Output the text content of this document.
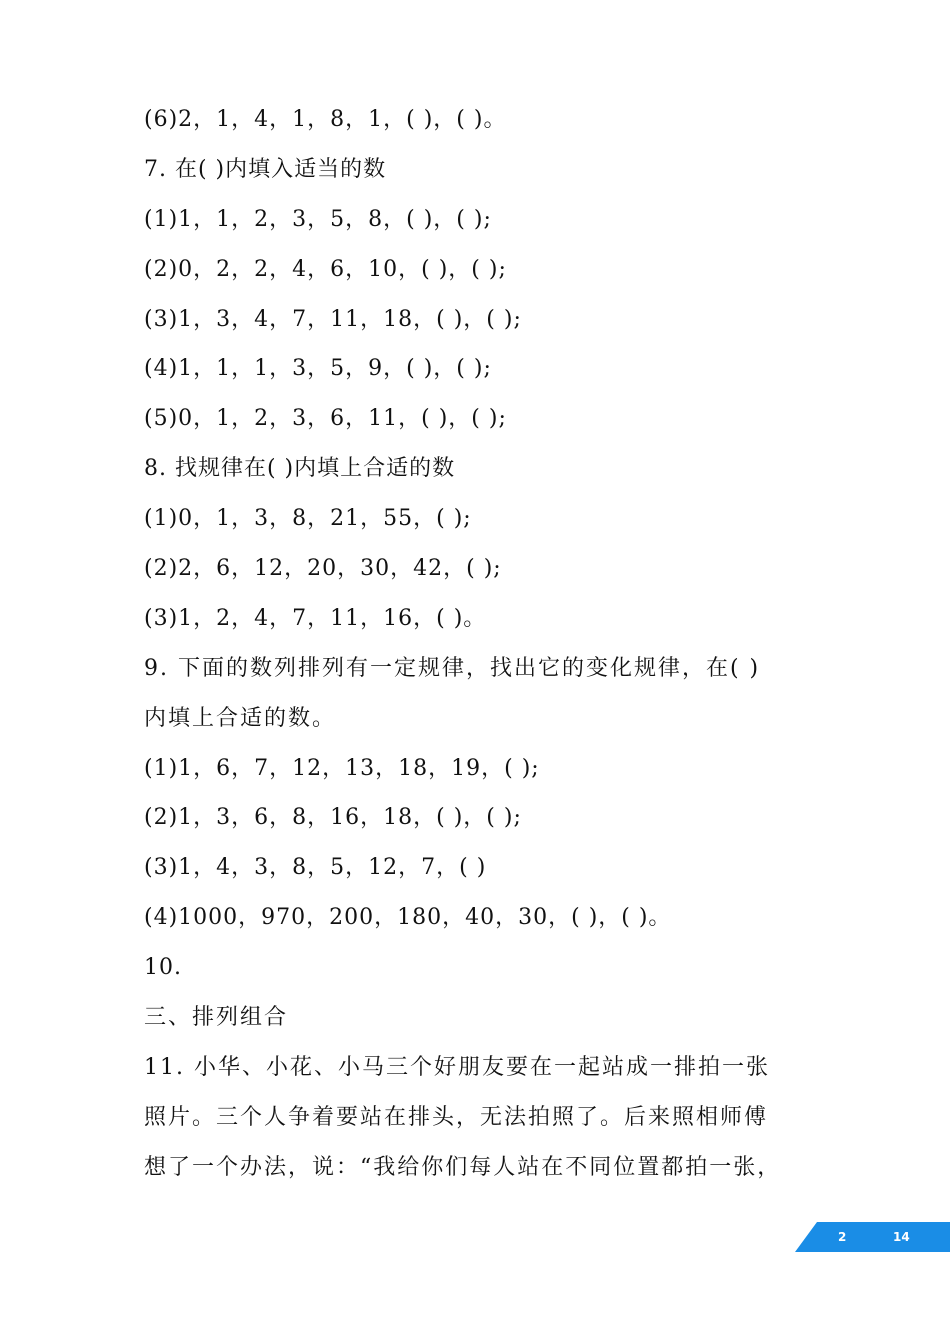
(6)2，1，4，1，8，1，( )，( )。
7. 在( )内填入适当的数
(1)1，1，2，3，5，8，( )，( );
(2)0，2，2，4，6，10，( )，( );
(3)1，3，4，7，11，18，( )，( );
(4)1，1，1，3，5，9，( )，( );
(5)0，1，2，3，6，11，( )，( );
8. 找规律在( )内填上合适的数
(1)0，1，3，8，21，55，( );
(2)2，6，12，20，30，42，( );
(3)1，2，4，7，11，16，( )。
9. 下面的数列排列有一定规律，找出它的变化规律，在( )
内填上合适的数。
(1)1，6，7，12，13，18，19，( );
(2)1，3，6，8，16，18，( )，( );
(3)1，4，3，8，5，12，7，( )
(4)1000，970，200，180，40，30，( )，( )。
10.
三、排列组合
11. 小华、小花、小马三个好朋友要在一起站成一排拍一张
照片。三个人争着要站在排头，无法拍照了。后来照相师傅
想了一个办法，说：“我给你们每人站在不同位置都拍一张，
2	14
